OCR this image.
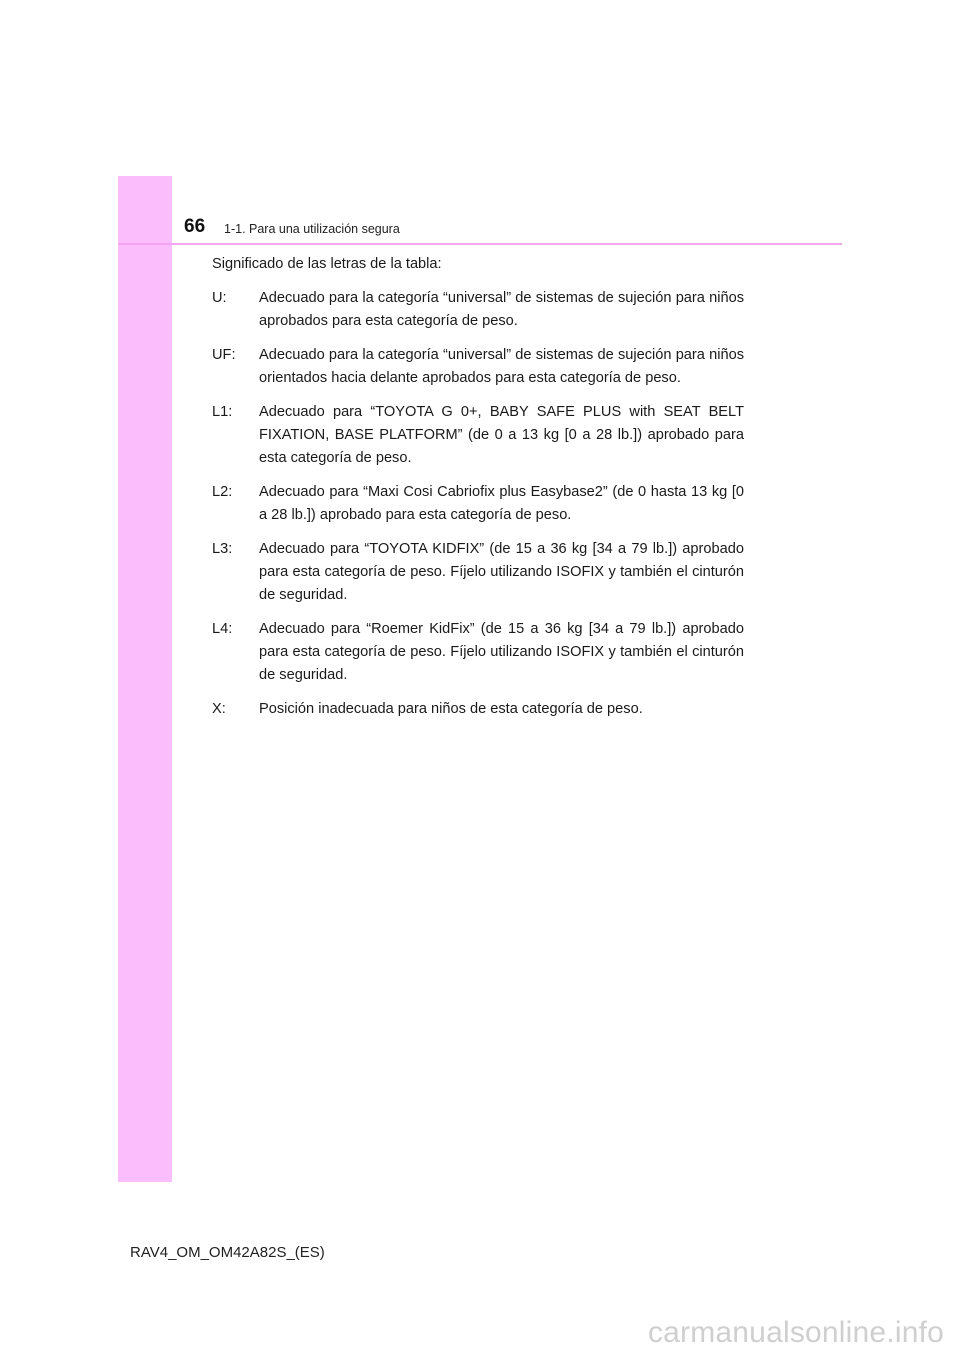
66 1-1. Para una utilización segura

Significado de las letras de la tabla:

U:	Adecuado para la categoría “universal” de sistemas de sujeción para niños aprobados para esta categoría de peso.
UF:	Adecuado para la categoría “universal” de sistemas de sujeción para niños orientados hacia delante aprobados para esta categoría de peso.
L1:	Adecuado para “TOYOTA G 0+, BABY SAFE PLUS with SEAT BELT FIXATION, BASE PLATFORM” (de 0 a 13 kg [0 a 28 lb.]) aprobado para esta categoría de peso.
L2:	Adecuado para “Maxi Cosi Cabriofix plus Easybase2” (de 0 hasta 13 kg [0 a 28 lb.]) aprobado para esta categoría de peso.
L3:	Adecuado para “TOYOTA KIDFIX” (de 15 a 36 kg [34 a 79 lb.]) aprobado para esta categoría de peso. Fíjelo utilizando ISOFIX y también el cinturón de seguridad.
L4:	Adecuado para “Roemer KidFix” (de 15 a 36 kg [34 a 79 lb.]) aprobado para esta categoría de peso. Fíjelo utilizando ISOFIX y también el cinturón de seguridad.
X:	Posición inadecuada para niños de esta categoría de peso.
RAV4_OM_OM42A82S_(ES)
carmanualsonline.info
